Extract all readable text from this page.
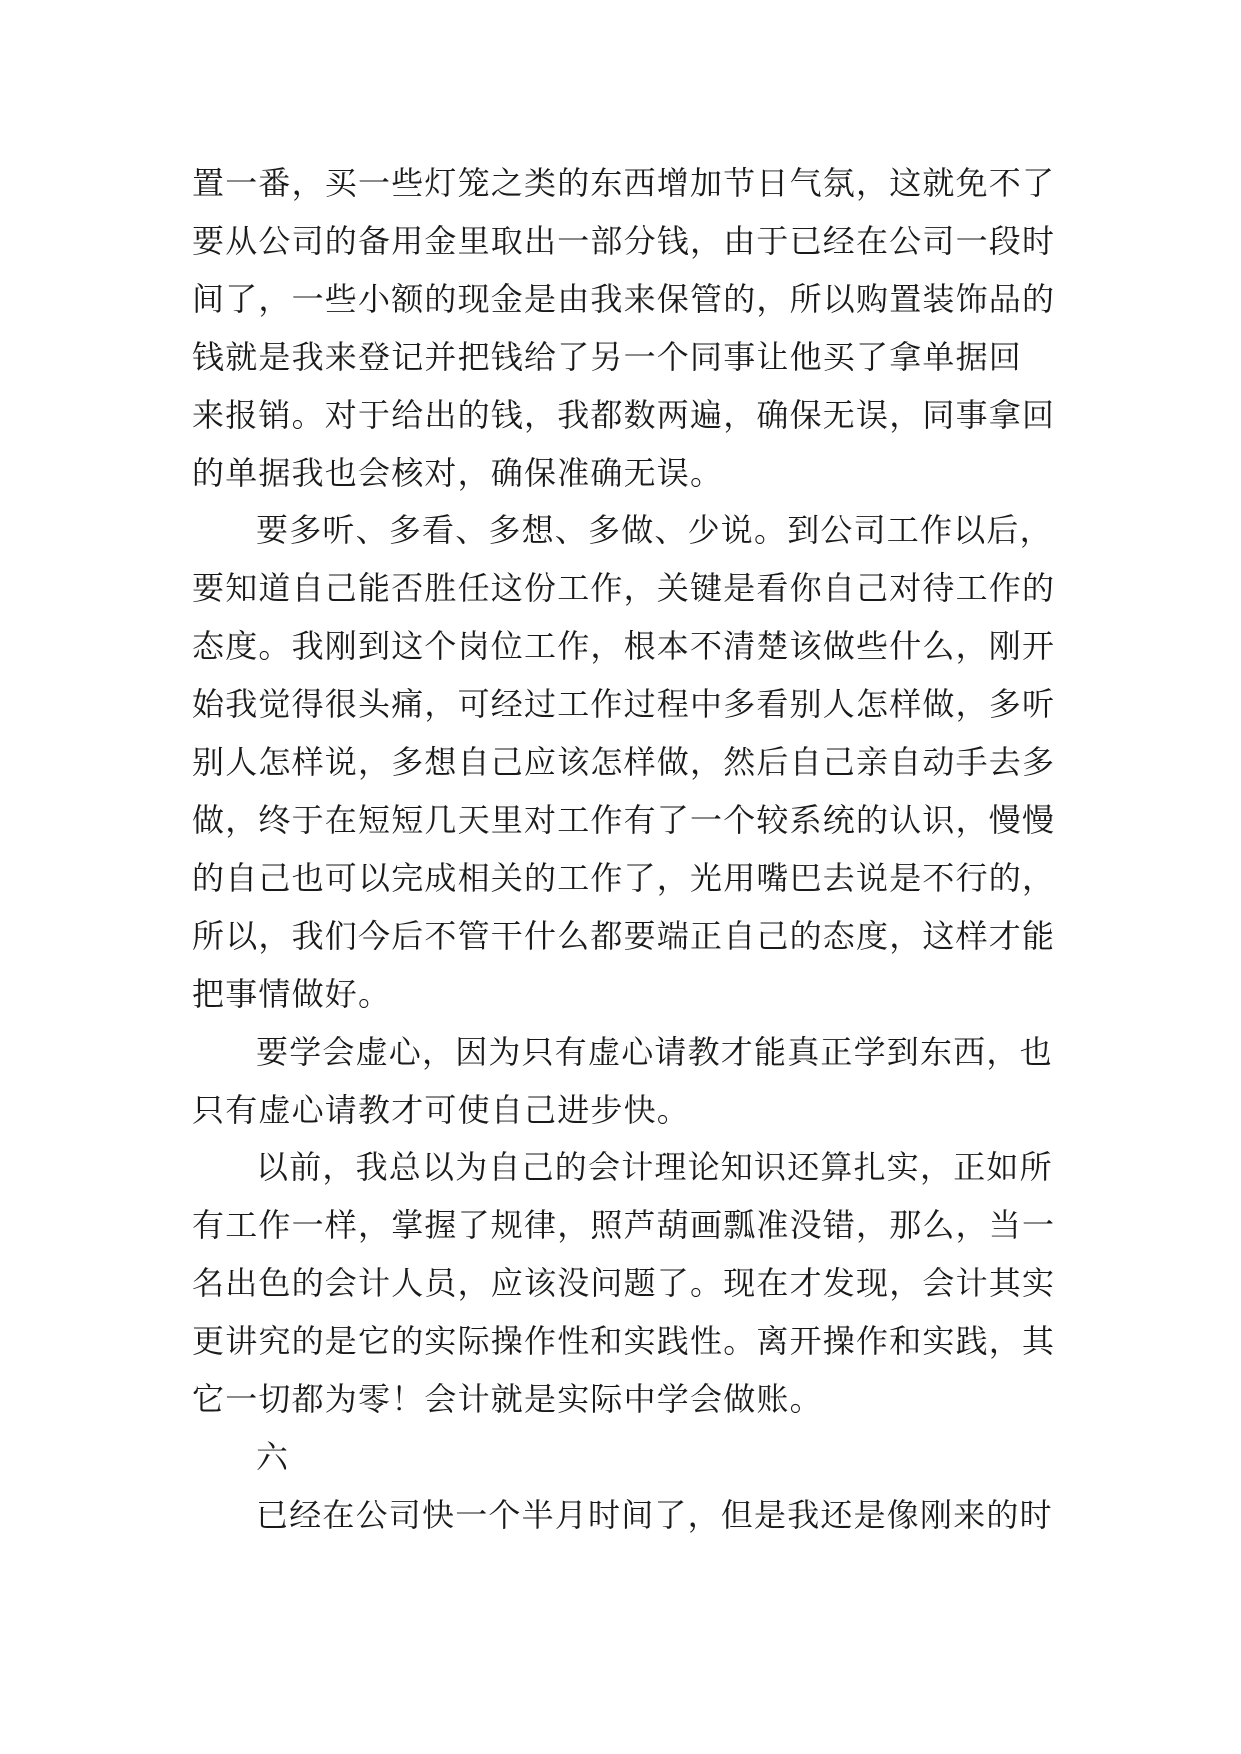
置一番，买一些灯笼之类的东西增加节日气氛，这就免不了
要从公司的备用金里取出一部分钱，由于已经在公司一段时
间了，一些小额的现金是由我来保管的，所以购置装饰品的
钱就是我来登记并把钱给了另一个同事让他买了拿单据回
来报销。对于给出的钱，我都数两遍，确保无误，同事拿回
的单据我也会核对，确保准确无误。

要多听、多看、多想、多做、少说。到公司工作以后，
要知道自己能否胜任这份工作，关键是看你自己对待工作的
态度。我刚到这个岗位工作，根本不清楚该做些什么，刚开
始我觉得很头痛，可经过工作过程中多看别人怎样做，多听
别人怎样说，多想自己应该怎样做，然后自己亲自动手去多
做，终于在短短几天里对工作有了一个较系统的认识，慢慢
的自己也可以完成相关的工作了，光用嘴巴去说是不行的，
所以，我们今后不管干什么都要端正自己的态度，这样才能
把事情做好。

要学会虚心，因为只有虚心请教才能真正学到东西，也
只有虚心请教才可使自己进步快。

以前，我总以为自己的会计理论知识还算扎实，正如所
有工作一样，掌握了规律，照芦葫画瓢准没错，那么，当一
名出色的会计人员，应该没问题了。现在才发现，会计其实
更讲究的是它的实际操作性和实践性。离开操作和实践，其
它一切都为零！会计就是实际中学会做账。

六

已经在公司快一个半月时间了，但是我还是像刚来的时
